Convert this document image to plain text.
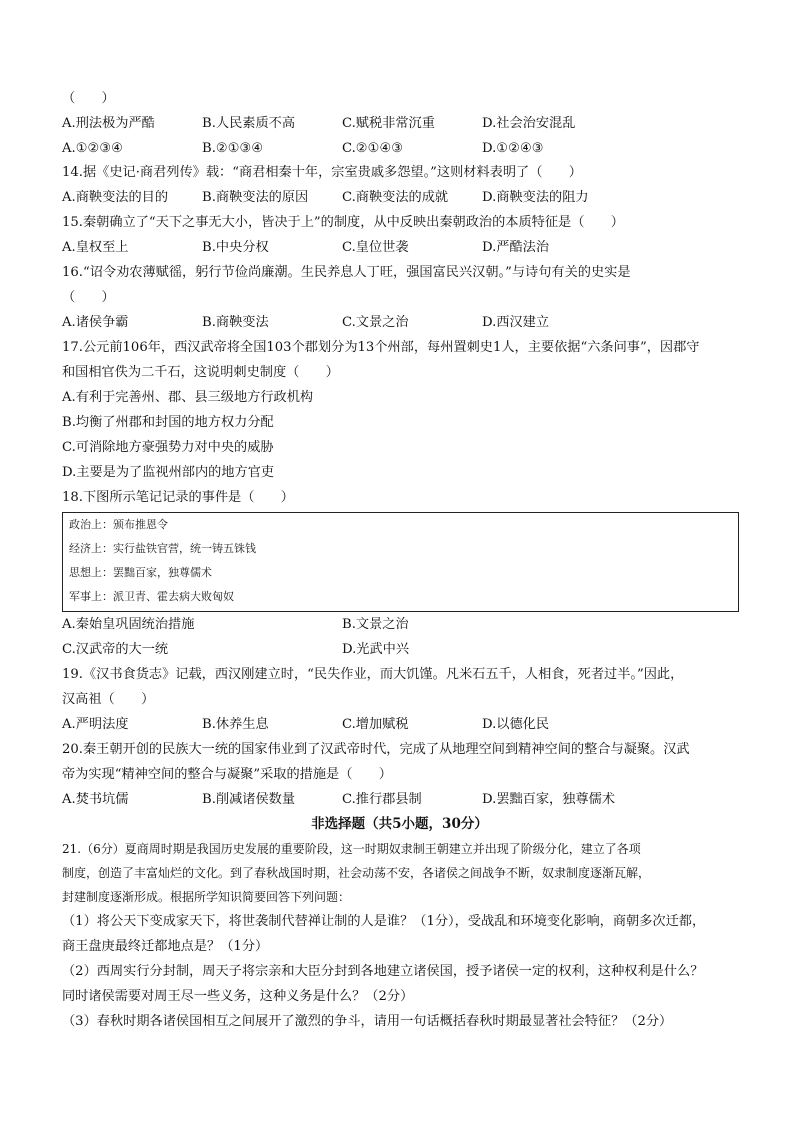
（　　）
A.刑法极为严酷	B.人民素质不高	C.赋税非常沉重	D.社会治安混乱
A.①②③④	B.②①③④	C.②①④③	D.①②④③
14.据《史记·商君列传》载：“商君相秦十年，宗室贵戚多怨望。”这则材料表明了（　　）
A.商鞅变法的目的	B.商鞅变法的原因	C.商鞅变法的成就	D.商鞅变法的阻力
15.秦朝确立了“天下之事无大小，皆决于上”的制度，从中反映出秦朝政治的本质特征是（　　）
A.皇权至上	B.中央分权	C.皇位世袭	D.严酷法治
16.“诏令劝农薄赋徭，躬行节俭尚廉潮。生民养息人丁旺，强国富民兴汉朝。”与诗句有关的史实是
（　　）
A.诸侯争霸	B.商鞅变法	C.文景之治	D.西汉建立
17.公元前106年，西汉武帝将全国103个郡划分为13个州部，每州置刺史1人，主要依据“六条问事”，因郡守
和国相官佚为二千石，这说明刺史制度（　　）
A.有利于完善州、郡、县三级地方行政机构
B.均衡了州郡和封国的地方权力分配
C.可消除地方豪强势力对中央的威胁
D.主要是为了监视州部内的地方官吏
18.下图所示笔记记录的事件是（　　）
政治上：颁布推恩令
经济上：实行盐铁官营，统一铸五铢钱
思想上：罢黜百家，独尊儒术
军事上：派卫青、霍去病大败匈奴
A.秦始皇巩固统治措施	B.文景之治
C.汉武帝的大一统	D.光武中兴
19.《汉书食货志》记载，西汉刚建立时，“民失作业，而大饥馑。凡米石五千，人相食，死者过半。”因此，
汉高祖（　　）
A.严明法度	B.休养生息	C.增加赋税	D.以德化民
20.秦王朝开创的民族大一统的国家伟业到了汉武帝时代，完成了从地理空间到精神空间的整合与凝聚。汉武
帝为实现“精神空间的整合与凝聚”采取的措施是（　　）
A.焚书坑儒	B.削减诸侯数量	C.推行郡县制	D.罢黜百家，独尊儒术
非选择题（共5小题，30分）
21.（6分）夏商周时期是我国历史发展的重要阶段，这一时期奴隶制王朝建立并出现了阶级分化，建立了各项
制度，创造了丰富灿烂的文化。到了春秋战国时期，社会动荡不安，各诸侯之间战争不断，奴隶制度逐渐瓦解，
封建制度逐渐形成。根据所学知识简要回答下列问题：
（1）将公天下变成家天下，将世袭制代替禅让制的人是谁？（1分），受战乱和环境变化影响，商朝多次迁都，
商王盘庚最终迁都地点是？（1分）
（2）西周实行分封制，周天子将宗亲和大臣分封到各地建立诸侯国，授予诸侯一定的权利，这种权利是什么？
同时诸侯需要对周王尽一些义务，这种义务是什么？（2分）
（3）春秋时期各诸侯国相互之间展开了激烈的争斗，请用一句话概括春秋时期最显著社会特征？（2分）
